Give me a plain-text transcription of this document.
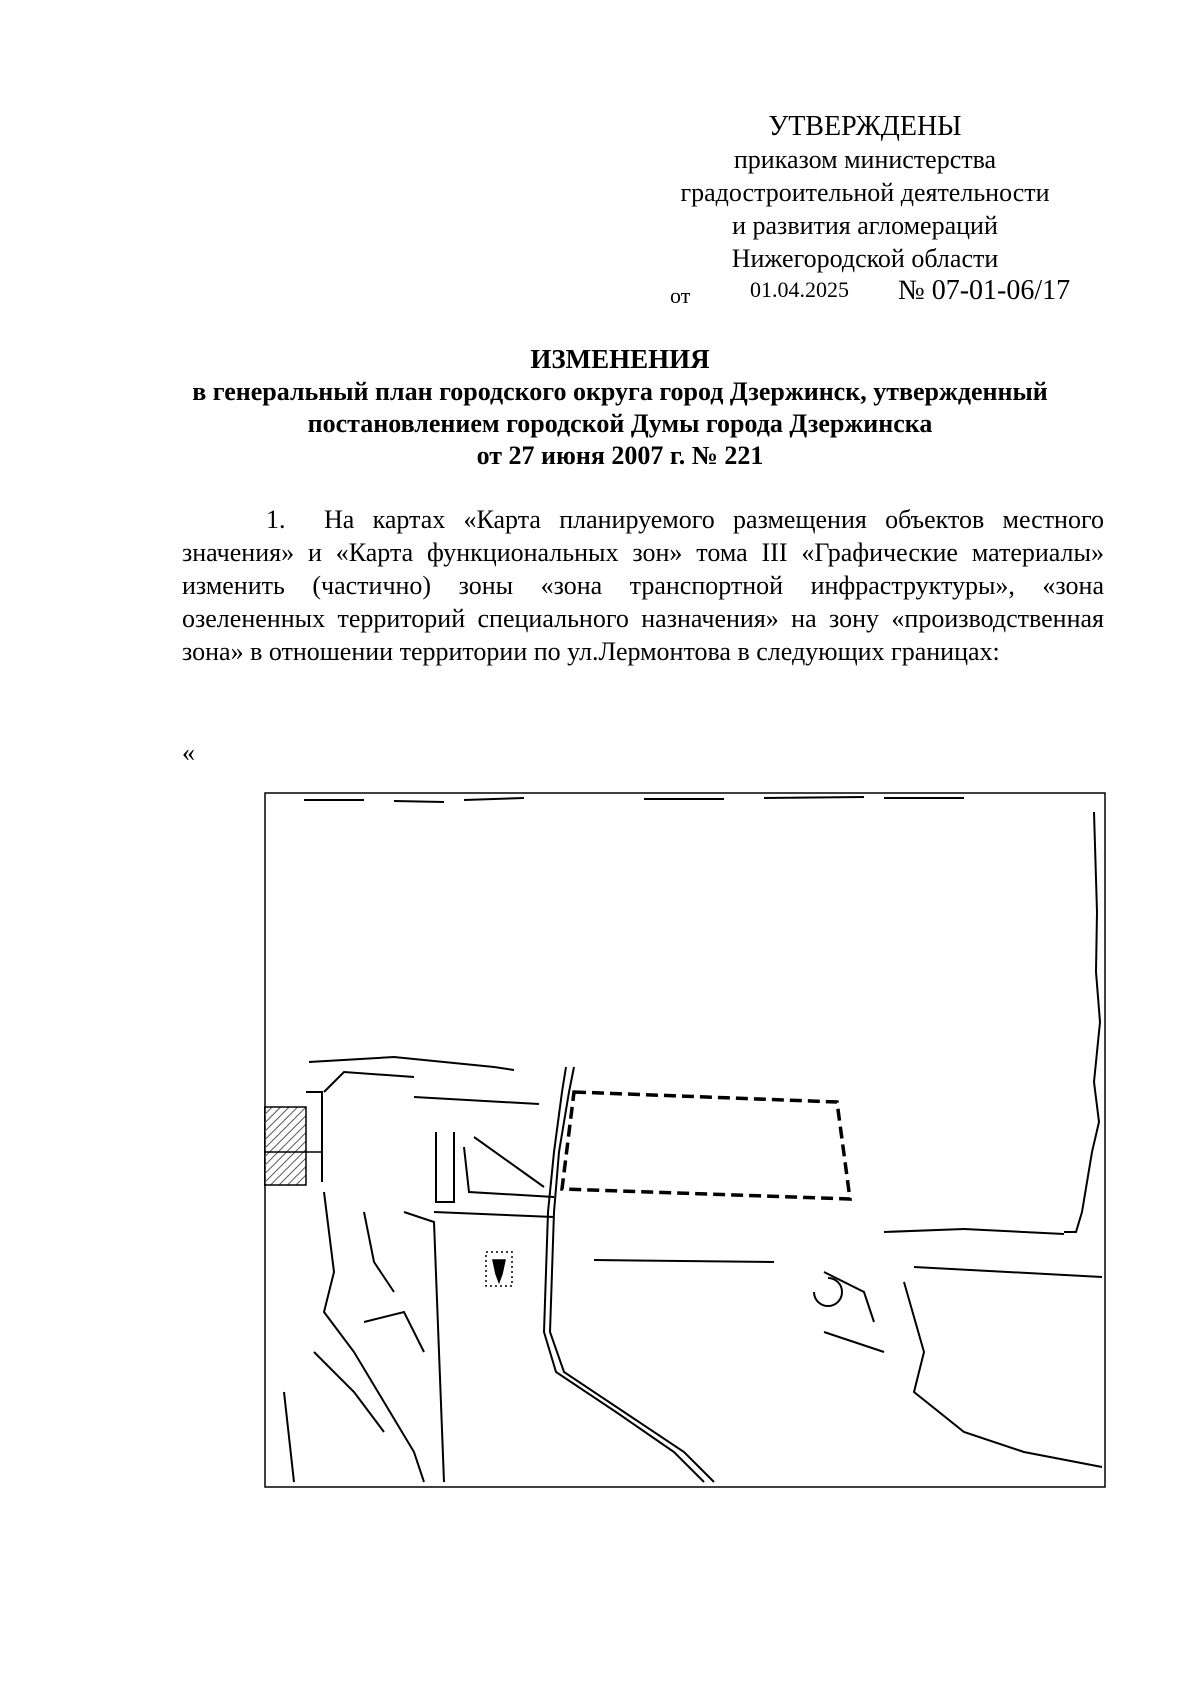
УТВЕРЖДЕНЫ
приказом министерства
градостроительной деятельности
и развития агломераций
Нижегородской области
от	01.04.2025 № 07-01-06/17
ИЗМЕНЕНИЯ
в генеральный план городского округа город Дзержинск, утвержденный
постановлением городской Думы города Дзержинска
от 27 июня 2007 г. № 221
1. На картах «Карта планируемого размещения объектов местного значения» и «Карта функциональных зон» тома III «Графические материалы» изменить (частично) зоны «зона транспортной инфраструктуры», «зона озелененных территорий специального назначения» на зону «производственная зона» в отношении территории по ул.Лермонтова в следующих границах:
«
